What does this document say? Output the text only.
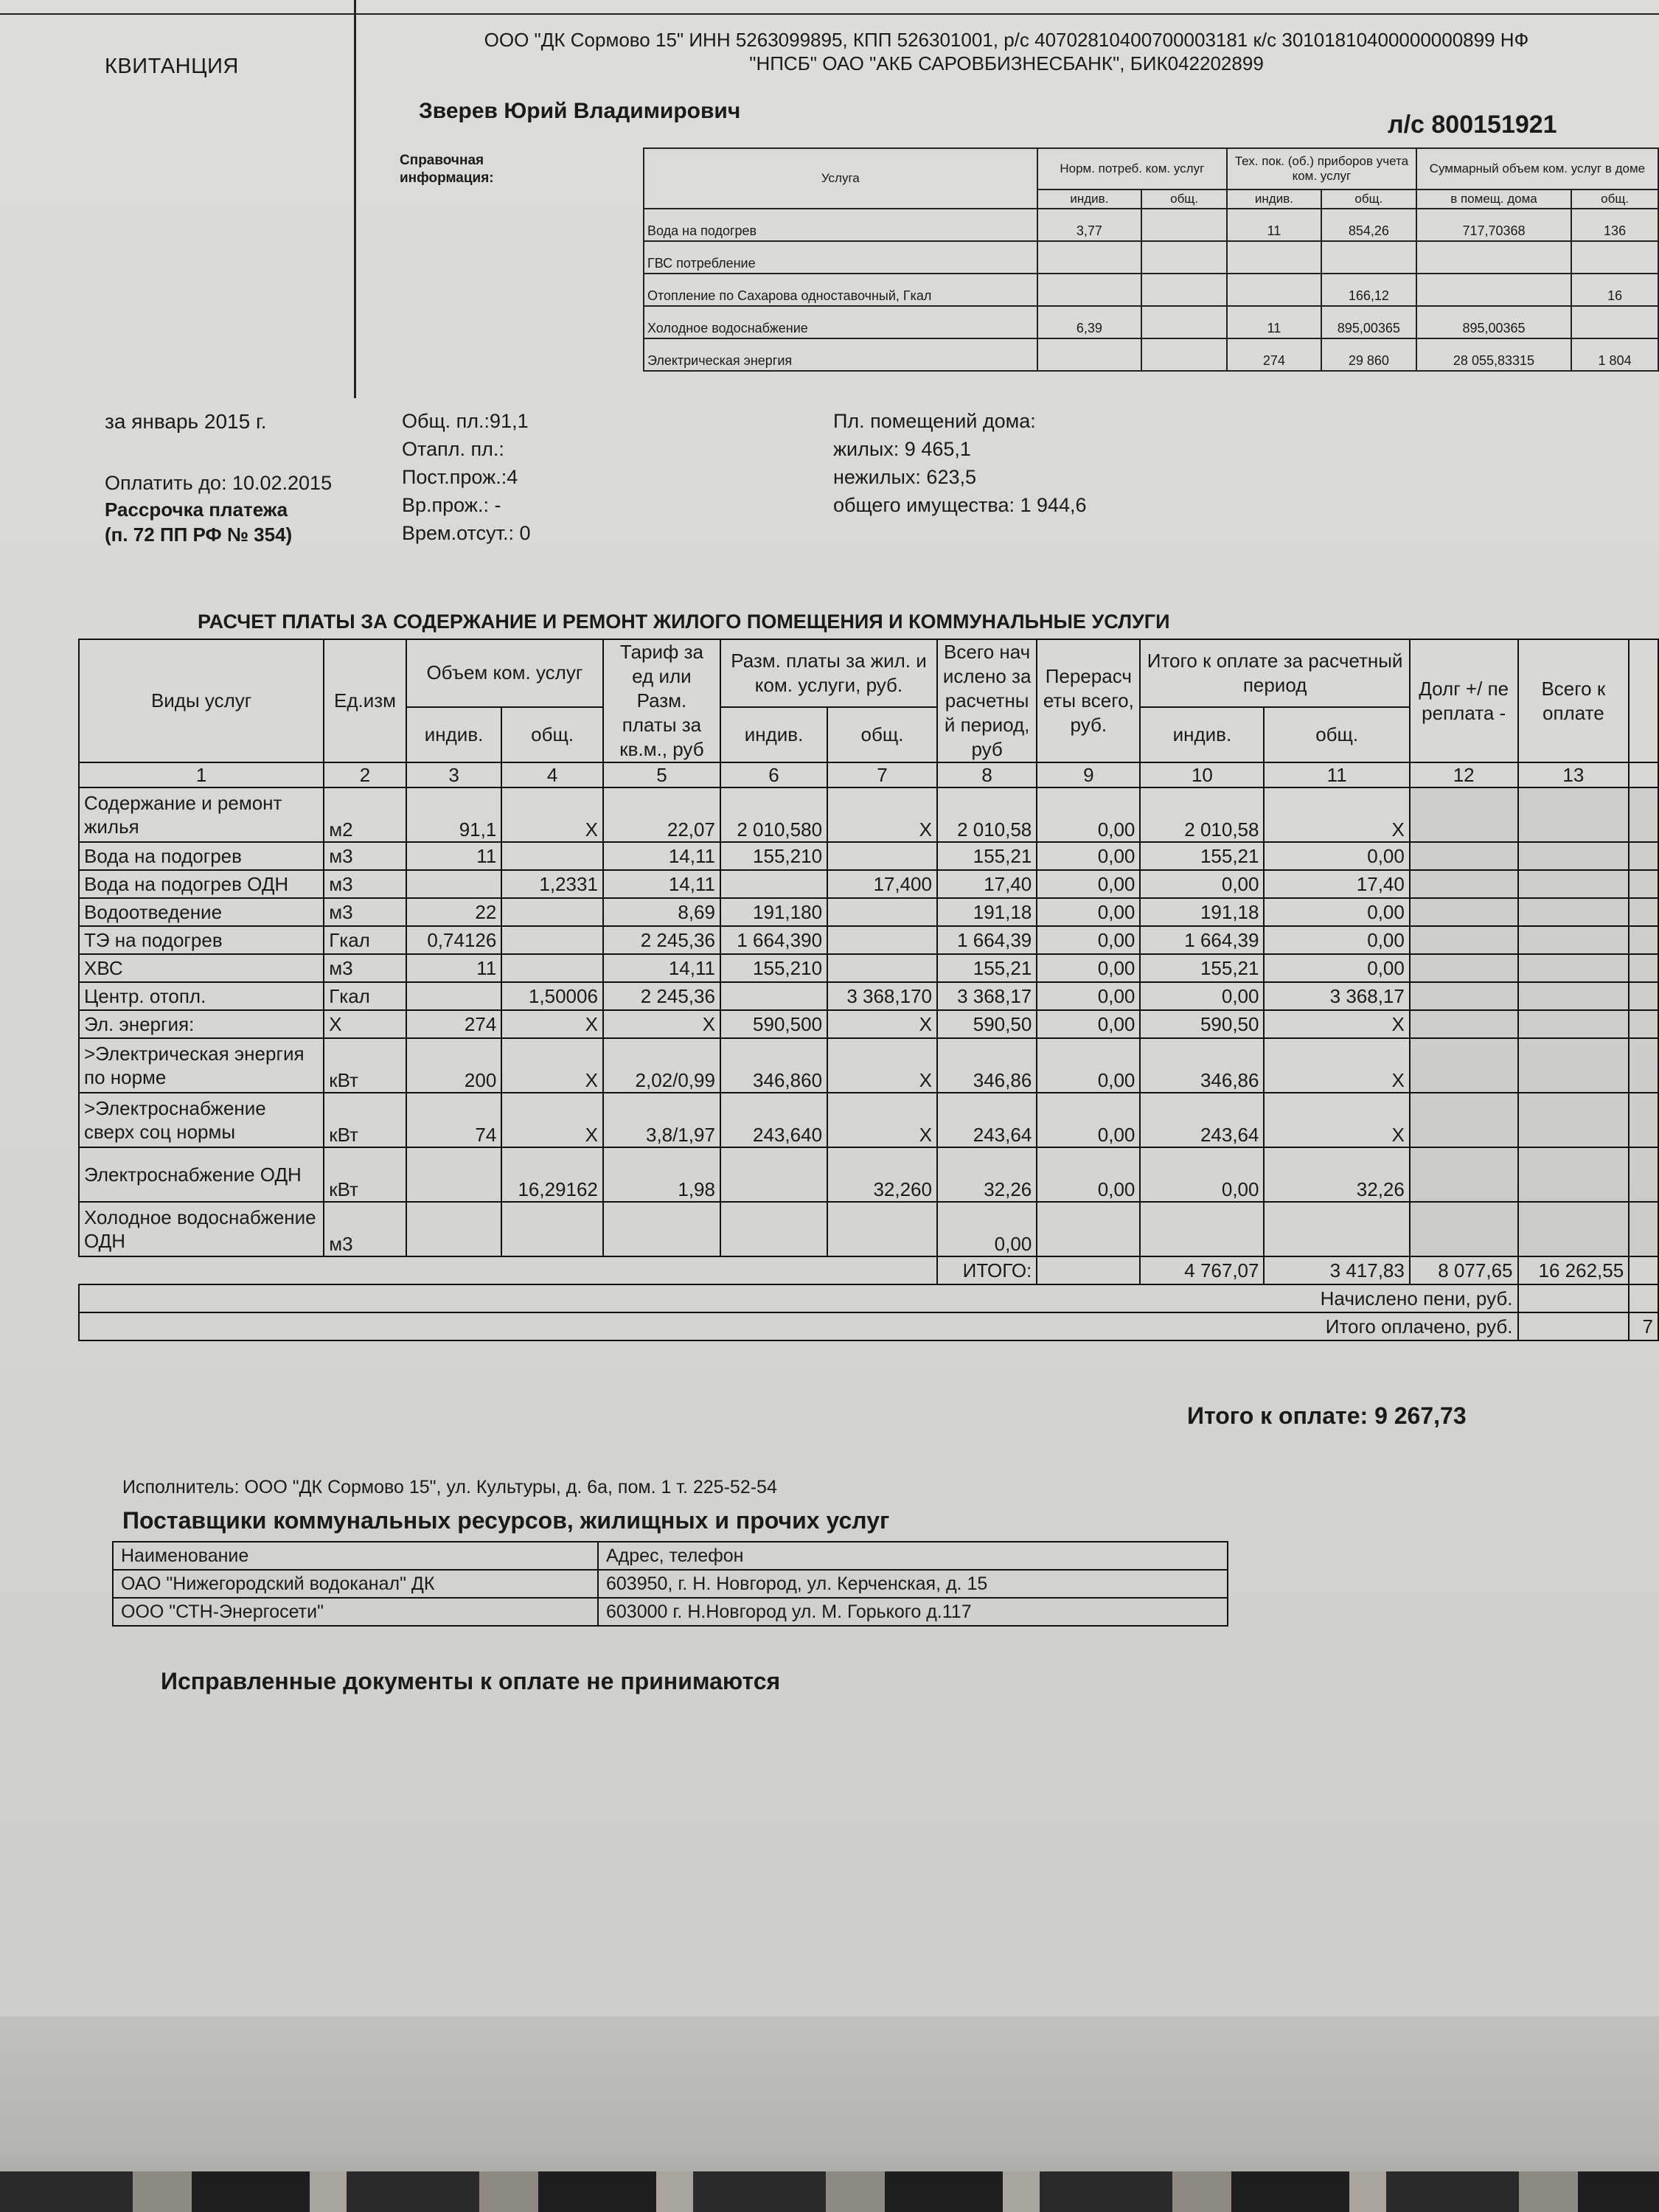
КВИТАНЦИЯ
ООО "ДК Сормово 15" ИНН 5263099895, КПП 526301001, р/с 40702810400700003181 к/с 30101810400000000899 НФ
"НПСБ" ОАО "АКБ САРОВБИЗНЕСБАНК", БИК042202899
Зверев Юрий Владимирович	л/с 800151921
Справочная информация:	Услуга	Норм. потреб. ком. услуг		Тех. пок. (об.) приборов учета ком. услуг		Суммарный объем ком. услуг в доме	
	индив.	общ.	индив.	общ.	в помещ. дома	общ.
Вода на подогрев	3,77		11	854,26	717,70368	136
ГВС потребление						
Отопление по Сахарова одноставочный, Гкал				166,12		16
Холодное водоснабжение	6,39		11	895,00365	895,00365	
Электрическая энергия			274	29 860	28 055,83315	1 804
за январь 2015 г.
Оплатить до: 10.02.2015
Рассрочка платежа
(п. 72 ПП РФ № 354)
Общ. пл.:91,1
Отапл. пл.:
Пост.прож.:4
Вр.прож.: -
Врем.отсут.: 0
Пл. помещений дома:
жилых: 9 465,1
нежилых: 623,5
общего имущества: 1 944,6
РАСЧЕТ ПЛАТЫ ЗА СОДЕРЖАНИЕ И РЕМОНТ ЖИЛОГО ПОМЕЩЕНИЯ И КОММУНАЛЬНЫЕ УСЛУГИ
Виды услуг	Ед.изм	Объем ком. услуг		Тариф за ед или Разм. платы за кв.м., руб	Разм. платы за жил. и ком. услуги, руб.		Всего начислено за расчетный период, руб	Перерасчеты всего, руб.	Итого к оплате за расчетный период		Долг +/ переплата -	Всего к оплате	
		индив.	общ.		индив.	общ.			индив.	общ.			
1	2	3	4	5	6	7	8	9	10	11	12	13	
Содержание и ремонт жилья	м2	91,1	X	22,07	2 010,580	X	2 010,58	0,00	2 010,58	X			
Вода на подогрев	м3	11		14,11	155,210		155,21	0,00	155,21	0,00			
Вода на подогрев ОДН	м3		1,2331	14,11		17,400	17,40	0,00	0,00	17,40			
Водоотведение	м3	22		8,69	191,180		191,18	0,00	191,18	0,00			
ТЭ на подогрев	Гкал	0,74126		2 245,36	1 664,390		1 664,39	0,00	1 664,39	0,00			
ХВС	м3	11		14,11	155,210		155,21	0,00	155,21	0,00			
Центр. отопл.	Гкал		1,50006	2 245,36		3 368,170	3 368,17	0,00	0,00	3 368,17			
Эл. энергия:	X	274	X	X	590,500	X	590,50	0,00	590,50	X			
>Электрическая энергия по норме	кВт	200	X	2,02/0,99	346,860	X	346,86	0,00	346,86	X			
>Электроснабжение сверх соц нормы	кВт	74	X	3,8/1,97	243,640	X	243,64	0,00	243,64	X			
Электроснабжение ОДН	кВт		16,29162	1,98		32,260	32,26	0,00	0,00	32,26			
Холодное водоснабжение ОДН	м3						0,00						
							ИТОГО:		4 767,07	3 417,83	8 077,65	16 262,55	
Начислено пени, руб.													
Итого оплачено, руб.													7
Итого к оплате: 9 267,73
Исполнитель: ООО "ДК Сормово 15", ул. Культуры, д. 6а, пом. 1 т. 225-52-54
Поставщики коммунальных ресурсов, жилищных и прочих услуг
Наименование	Адрес, телефон
ОАО "Нижегородский водоканал" ДК	603950, г. Н. Новгород, ул. Керченская, д. 15
ООО "СТН-Энергосети"	603000 г. Н.Новгород ул. М. Горького д.117
Исправленные документы к оплате не принимаются
